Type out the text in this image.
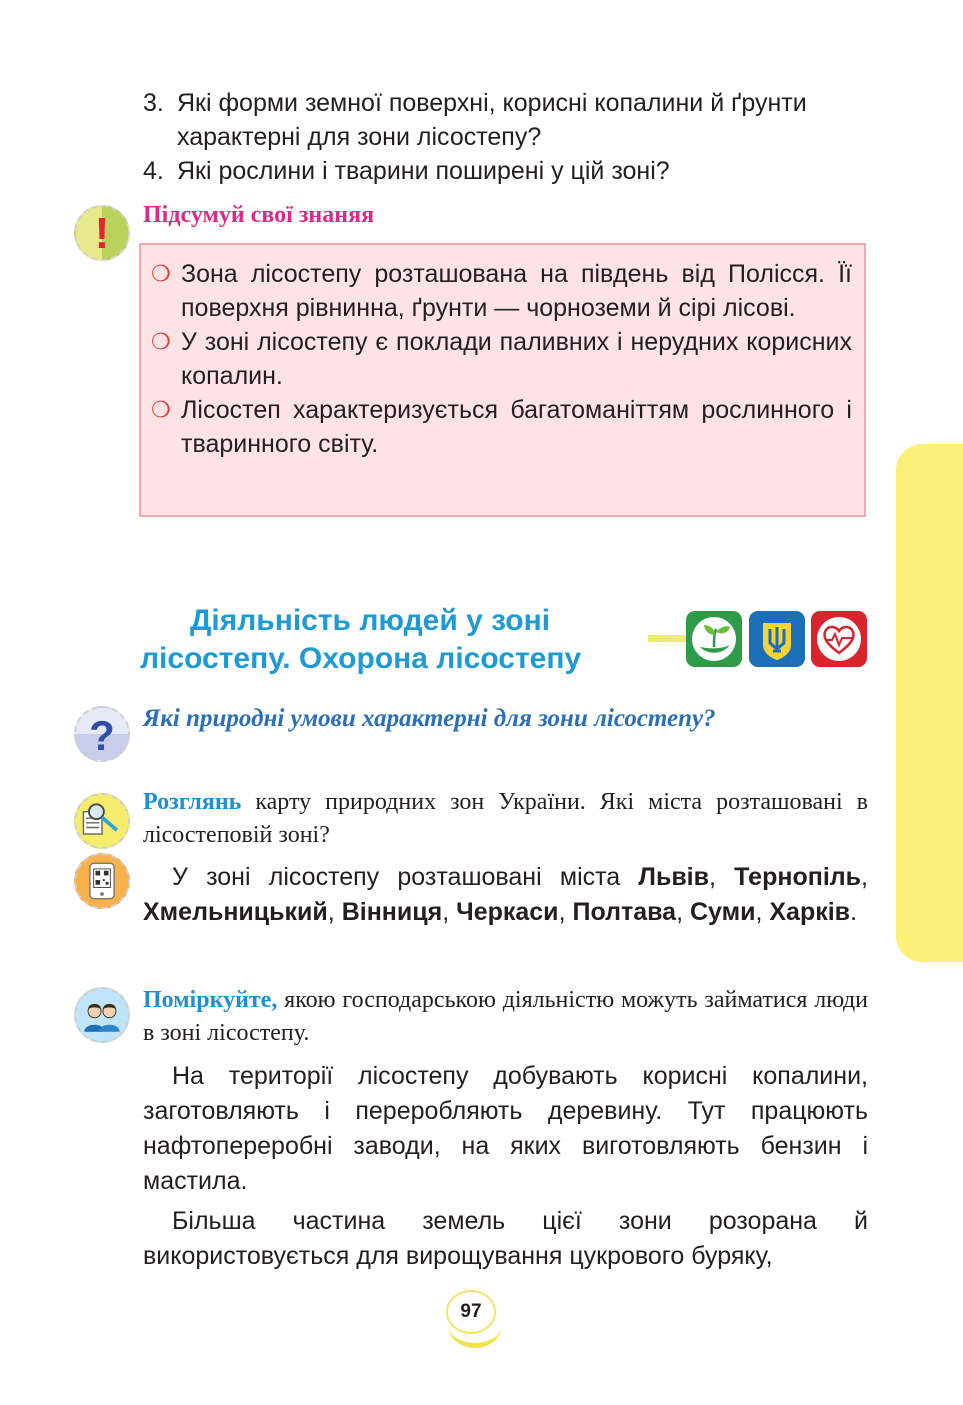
3. Які форми земної поверхні, корисні копалини й ґрунти характерні для зони лісостепу?
4. Які рослини і тварини поширені у цій зоні?
!	Підсумуй свої знаняя
❍ Зона лісостепу розташована на південь від Полісся. Її поверхня рівнинна, ґрунти — чорноземи й сірі лісові.
❍ У зоні лісостепу є поклади паливних і нерудних корисних копалин.
❍ Лісостеп характеризується багатоманіттям рослинного і тваринного світу.
Діяльність людей у зоні
лісостепу. Охорона лісостепу
?	Які природні умови характерні для зони лісостепу?
Розглянь карту природних зон України. Які міста розташовані в лісостеповій зоні?
У зоні лісостепу розташовані міста Львів, Тернопіль, Хмельницький, Вінниця, Черкаси, Полтава, Суми, Харків.
Поміркуйте, якою господарською діяльністю можуть займатися люди в зоні лісостепу.
На території лісостепу добувають корисні копалини, заготовляють і переробляють деревину. Тут працюють нафтопереробні заводи, на яких виготовляють бензин і мастила.
Більша частина земель цієї зони розорана й використовується для вирощування цукрового буряку,
97
